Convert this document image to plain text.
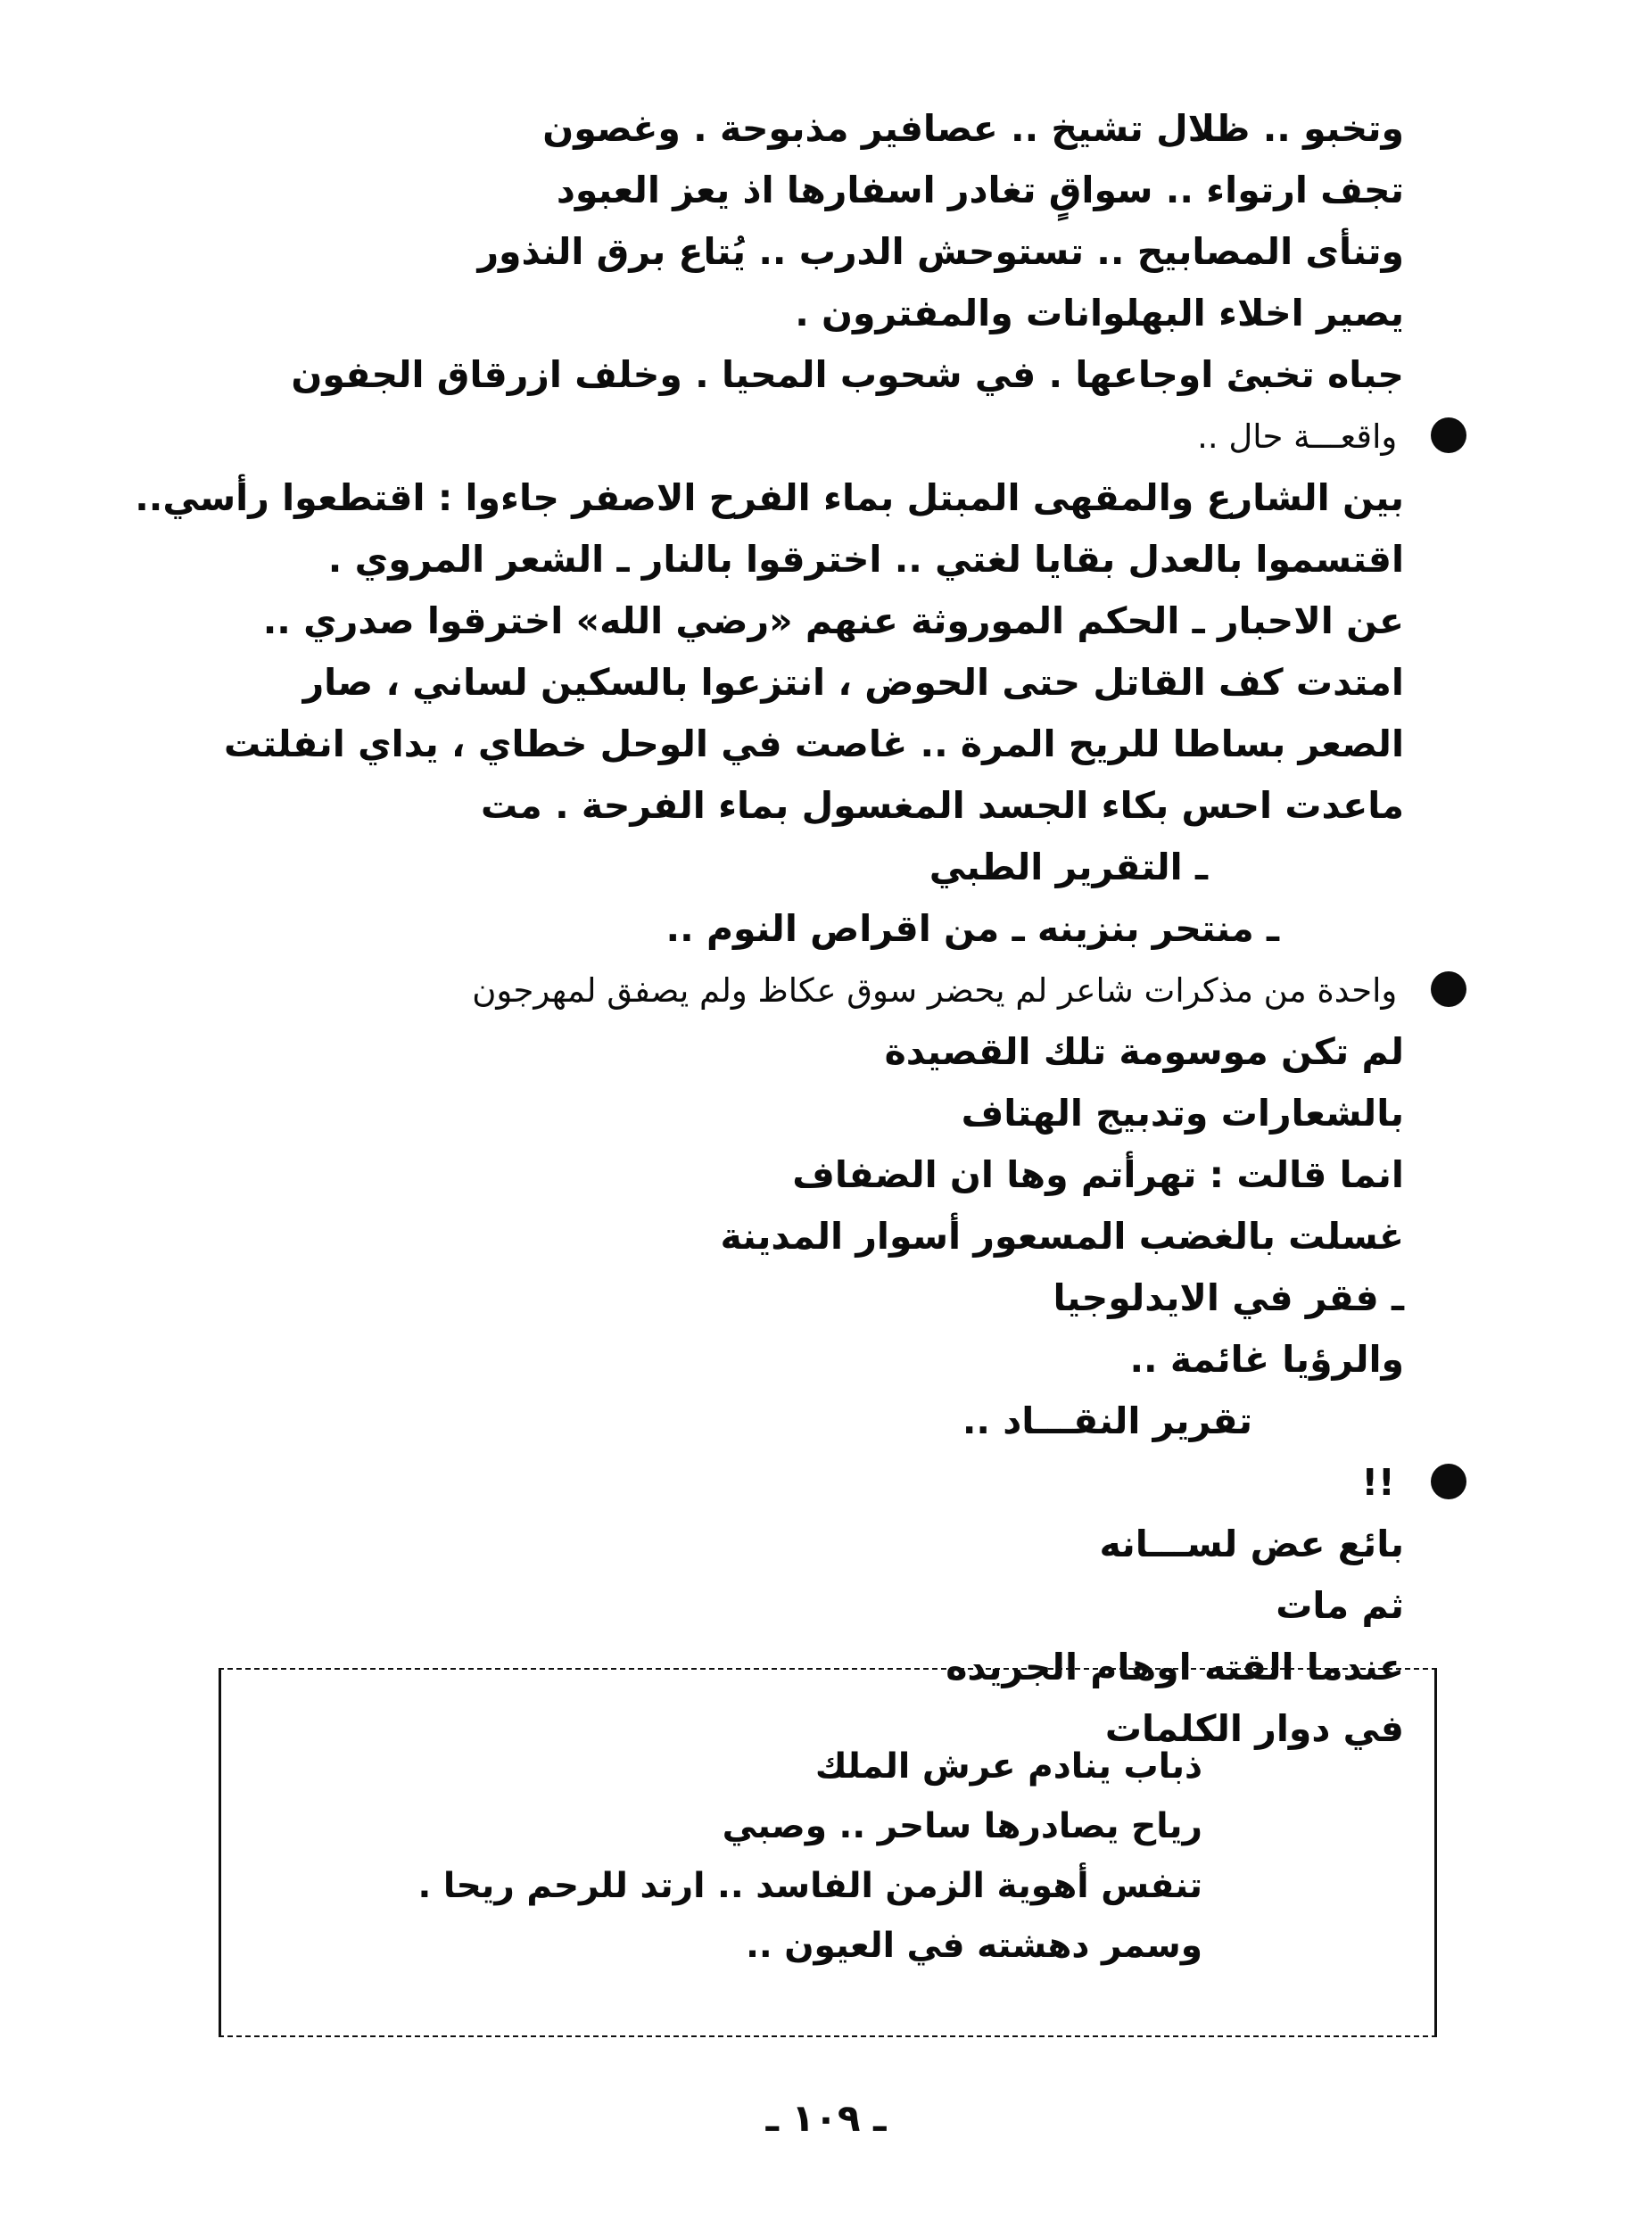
وتخبو .. ظلال تشيخ .. عصافير مذبوحة . وغصون
تجف ارتواء .. سواقٍ تغادر اسفارها اذ يعز العبود
وتنأى المصابيح .. تستوحش الدرب .. يُتاع برق النذور
يصير اخلاء البهلوانات والمفترون .
جباه تخبئ اوجاعها . في شحوب المحيا . وخلف ازرقاق الجفون
واقعـــة حال ..
بين الشارع والمقهى المبتل بماء الفرح الاصفر جاءوا : اقتطعوا رأسي..
اقتسموا بالعدل بقايا لغتي .. اخترقوا بالنار ـ الشعر المروي .
عن الاحبار ـ الحكم الموروثة عنهم «رضي الله» اخترقوا صدري ..
امتدت كف القاتل حتى الحوض ، انتزعوا بالسكين لساني ، صار
الصعر بساطا للريح المرة .. غاصت في الوحل خطاي ، يداي انفلتت
ماعدت احس بكاء الجسد المغسول بماء الفرحة . مت
ـ التقرير الطبي
ـ منتحر بنزينه ـ من اقراص النوم ..
واحدة من مذكرات شاعر لم يحضر سوق عكاظ ولم يصفق لمهرجون
لم تكن موسومة تلك القصيدة
بالشعارات وتدبيج الهتاف
انما قالت : تهرأتم وها ان الضفاف
غسلت بالغضب المسعور أسوار المدينة
ـ فقر في الايدلوجيا
والرؤيا غائمة ..
تقرير النقـــاد ..
!!
بائع عض لســـانه
ثم مات
عندما القته اوهام الجريده
في دوار الكلمات
ذباب ينادم عرش الملك
رياح يصادرها ساحر .. وصبي
تنفس أهوية الزمن الفاسد .. ارتد للرحم ريحا .
وسمر دهشته في العيون ..
ـ ١٠٩ ـ
